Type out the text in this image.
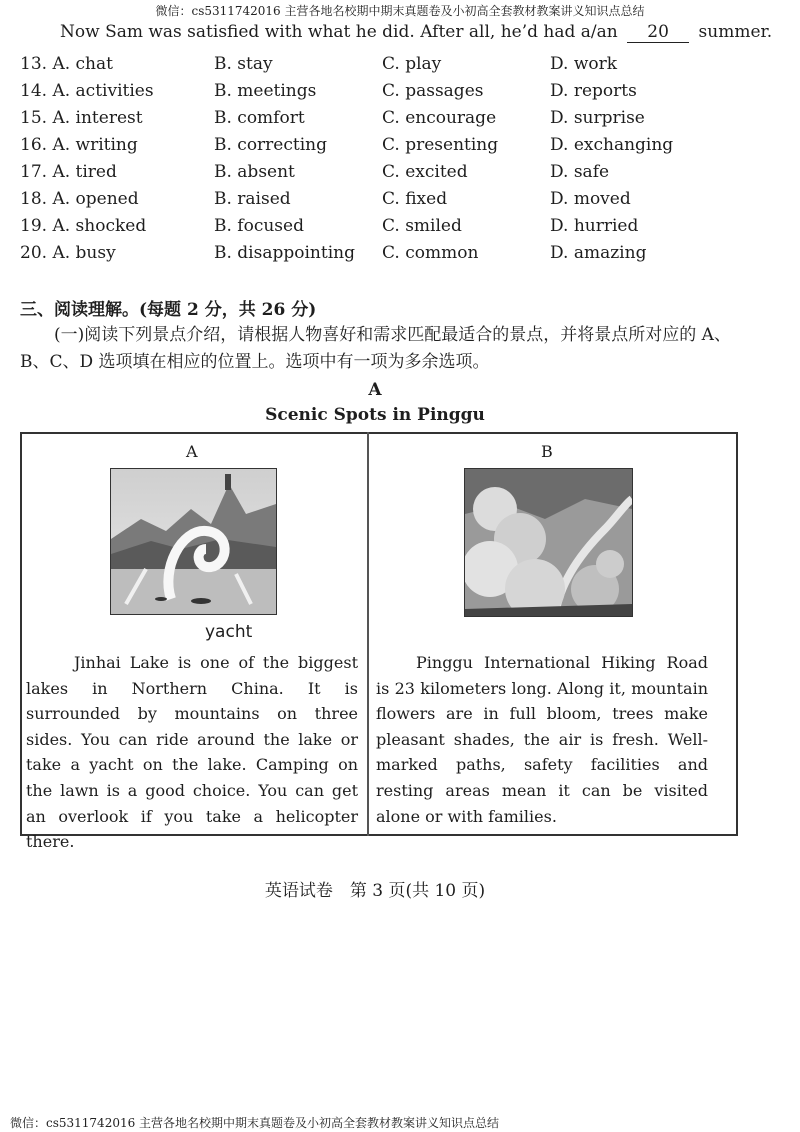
微信：cs5311742016 主营各地名校期中期末真题卷及小初高全套教材教案讲义知识点总结
Now Sam was satisfied with what he did. After all, he’d had a/an 20 summer.
13. A. chat	B. stay	C. play	D. work
14. A. activities	B. meetings	C. passages	D. reports
15. A. interest	B. comfort	C. encourage	D. surprise
16. A. writing	B. correcting	C. presenting	D. exchanging
17. A. tired	B. absent	C. excited	D. safe
18. A. opened	B. raised	C. fixed	D. moved
19. A. shocked	B. focused	C. smiled	D. hurried
20. A. busy	B. disappointing C. common	D. amazing
三、阅读理解。(每题 2 分，共 26 分)
(一)阅读下列景点介绍，请根据人物喜好和需求匹配最适合的景点，并将景点所对应的 A、B、C、D 选项填在相应的位置上。选项中有一项为多余选项。
A
Scenic Spots in Pinggu
A	B
yacht
Jinhai Lake is one of the biggest lakes in Northern China. It is surrounded by mountains on three sides. You can ride around the lake or take a yacht on the lake. Camping on the lawn is a good choice. You can get an overlook if you take a helicopter there.
Pinggu International Hiking Road is 23 kilometers long. Along it, mountain flowers are in full bloom, trees make pleasant shades, the air is fresh. Well-marked paths, safety facilities and resting areas mean it can be visited alone or with families.
英语试卷　第 3 页(共 10 页)
微信：cs5311742016 主营各地名校期中期末真题卷及小初高全套教材教案讲义知识点总结
